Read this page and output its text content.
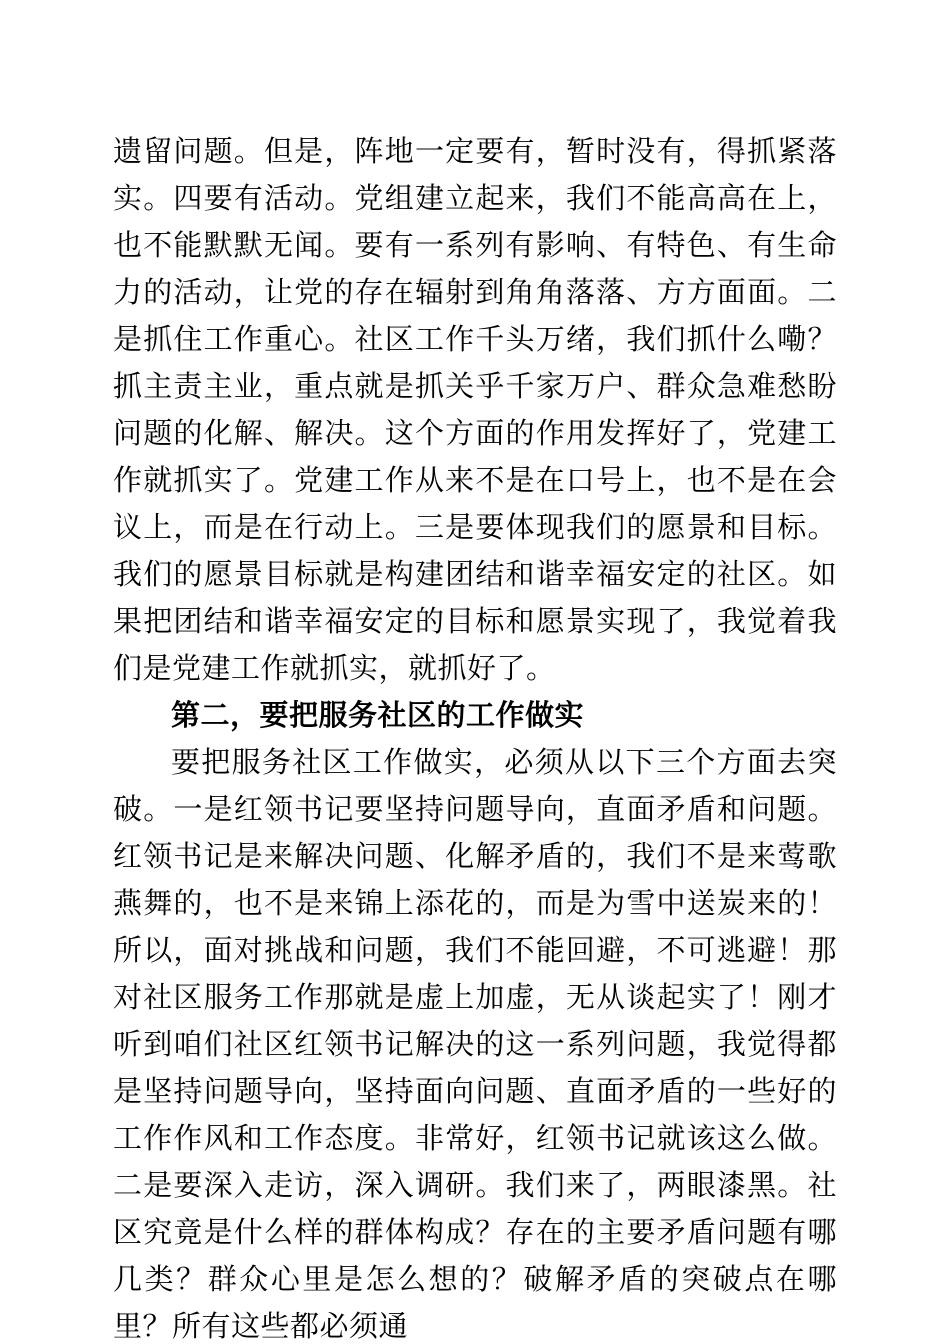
遗留问题。但是，阵地一定要有，暂时没有，得抓紧落实。四要有活动。党组建立起来，我们不能高高在上，也不能默默无闻。要有一系列有影响、有特色、有生命力的活动，让党的存在辐射到角角落落、方方面面。二是抓住工作重心。社区工作千头万绪，我们抓什么嘞？抓主责主业，重点就是抓关乎千家万户、群众急难愁盼问题的化解、解决。这个方面的作用发挥好了，党建工作就抓实了。党建工作从来不是在口号上，也不是在会议上，而是在行动上。三是要体现我们的愿景和目标。我们的愿景目标就是构建团结和谐幸福安定的社区。如果把团结和谐幸福安定的目标和愿景实现了，我觉着我们是党建工作就抓实，就抓好了。

第二，要把服务社区的工作做实

要把服务社区工作做实，必须从以下三个方面去突破。一是红领书记要坚持问题导向，直面矛盾和问题。红领书记是来解决问题、化解矛盾的，我们不是来莺歌燕舞的，也不是来锦上添花的，而是为雪中送炭来的！所以，面对挑战和问题，我们不能回避，不可逃避！那对社区服务工作那就是虚上加虚，无从谈起实了！刚才听到咱们社区红领书记解决的这一系列问题，我觉得都是坚持问题导向，坚持面向问题、直面矛盾的一些好的工作作风和工作态度。非常好，红领书记就该这么做。二是要深入走访，深入调研。我们来了，两眼漆黑。社区究竟是什么样的群体构成？存在的主要矛盾问题有哪几类？群众心里是怎么想的？破解矛盾的突破点在哪里？所有这些都必须通
